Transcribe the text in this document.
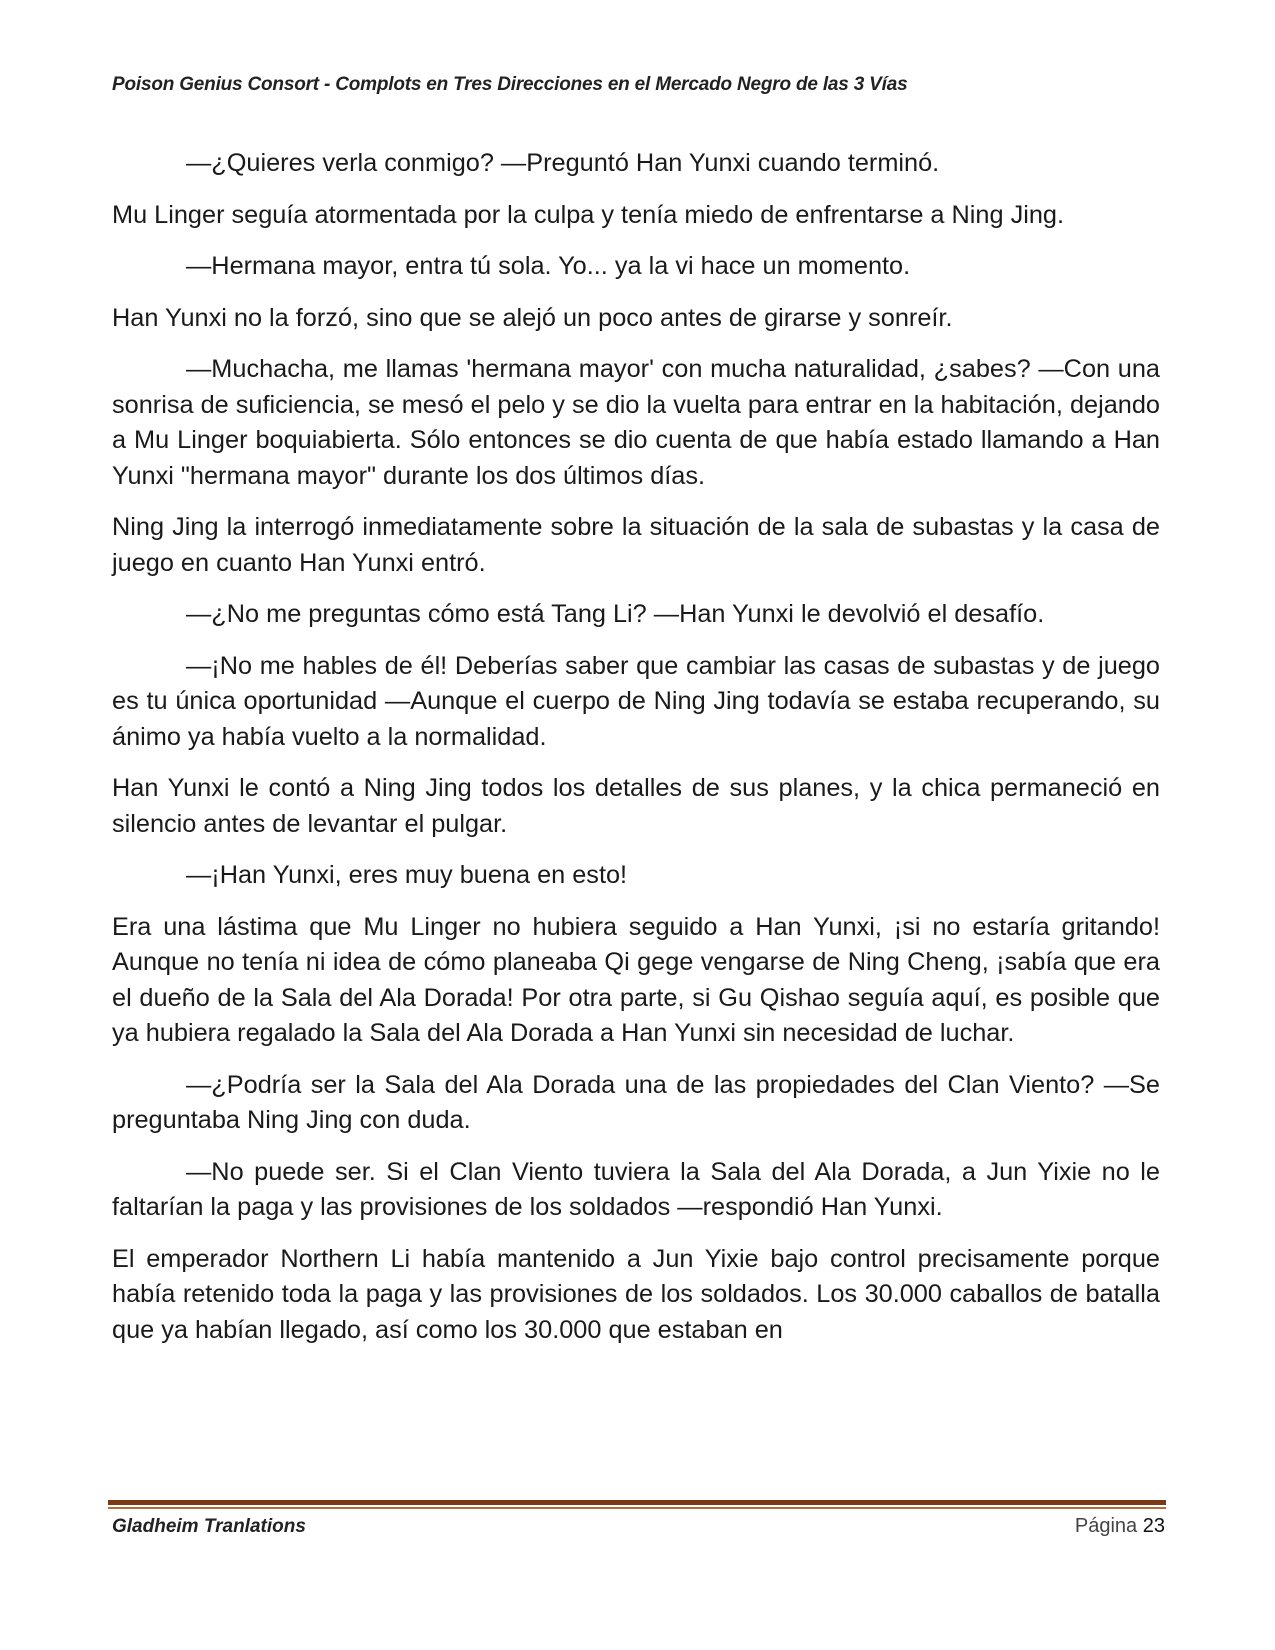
Poison Genius Consort - Complots en Tres Direcciones en el Mercado Negro de las 3 Vías

—¿Quieres verla conmigo? —Preguntó Han Yunxi cuando terminó.

Mu Linger seguía atormentada por la culpa y tenía miedo de enfrentarse a Ning Jing.

—Hermana mayor, entra tú sola. Yo... ya la vi hace un momento.

Han Yunxi no la forzó, sino que se alejó un poco antes de girarse y sonreír.

—Muchacha, me llamas 'hermana mayor' con mucha naturalidad, ¿sabes? —Con una sonrisa de suficiencia, se mesó el pelo y se dio la vuelta para entrar en la habitación, dejando a Mu Linger boquiabierta. Sólo entonces se dio cuenta de que había estado llamando a Han Yunxi "hermana mayor" durante los dos últimos días.

Ning Jing la interrogó inmediatamente sobre la situación de la sala de subastas y la casa de juego en cuanto Han Yunxi entró.

—¿No me preguntas cómo está Tang Li? —Han Yunxi le devolvió el desafío.

—¡No me hables de él! Deberías saber que cambiar las casas de subastas y de juego es tu única oportunidad —Aunque el cuerpo de Ning Jing todavía se estaba recuperando, su ánimo ya había vuelto a la normalidad.

Han Yunxi le contó a Ning Jing todos los detalles de sus planes, y la chica permaneció en silencio antes de levantar el pulgar.

—¡Han Yunxi, eres muy buena en esto!

Era una lástima que Mu Linger no hubiera seguido a Han Yunxi, ¡si no estaría gritando! Aunque no tenía ni idea de cómo planeaba Qi gege vengarse de Ning Cheng, ¡sabía que era el dueño de la Sala del Ala Dorada! Por otra parte, si Gu Qishao seguía aquí, es posible que ya hubiera regalado la Sala del Ala Dorada a Han Yunxi sin necesidad de luchar.

—¿Podría ser la Sala del Ala Dorada una de las propiedades del Clan Viento? —Se preguntaba Ning Jing con duda.

—No puede ser. Si el Clan Viento tuviera la Sala del Ala Dorada, a Jun Yixie no le faltarían la paga y las provisiones de los soldados —respondió Han Yunxi.

El emperador Northern Li había mantenido a Jun Yixie bajo control precisamente porque había retenido toda la paga y las provisiones de los soldados. Los 30.000 caballos de batalla que ya habían llegado, así como los 30.000 que estaban en

Gladheim Tranlations	Página 23
